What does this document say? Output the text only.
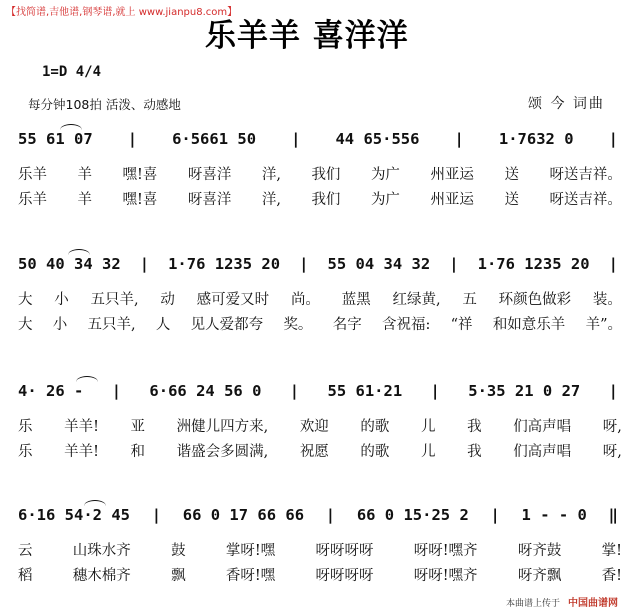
【找简谱,吉他谱,钢琴谱,就上 www.jianpu8.com】
乐羊羊 喜洋洋
1=D 4/4
每分钟108拍 活泼、动感地	颂 今 词曲
55 61 07 | 6·5661 50 | 44 65·556 | 1·7632 0 |
乐羊 羊 嘿!喜 呀喜洋 洋, 我们 为广 州亚运 送 呀送吉祥。
乐羊 羊 嘿!喜 呀喜洋 洋, 我们 为广 州亚运 送 呀送吉祥。
50 40 34 32 | 1·76 1235 20 | 55 04 34 32 | 1·76 1235 20 |
大 小 五只羊, 动 感可爱又时 尚。 蓝黑 红绿黄, 五 环颜色做彩 装。
大 小 五只羊, 人 见人爱都夸 奖。 名字 含祝福: “祥 和如意乐羊 羊”。
4· 26 - | 6·66 24 56 0 | 55 61·21 | 5·35 21 0 27 |
乐 羊羊! 亚 洲健儿四方来, 欢迎 的歌 儿 我 们高声唱 呀,
乐 羊羊! 和 谐盛会多圆满, 祝愿 的歌 儿 我 们高声唱 呀,
6·16 54·2 45 | 66 0 17 66 66 | 66 0 15·25 2 | 1 - - 0 ‖
云	山珠水齐	鼓	掌呀!嘿	呀呀呀呀	呀呀!嘿齐	呀齐鼓	掌!
稻	穗木棉齐	飘	香呀!嘿	呀呀呀呀	呀呀!嘿齐	呀齐飘	香!
本曲谱上传于 中国曲谱网
